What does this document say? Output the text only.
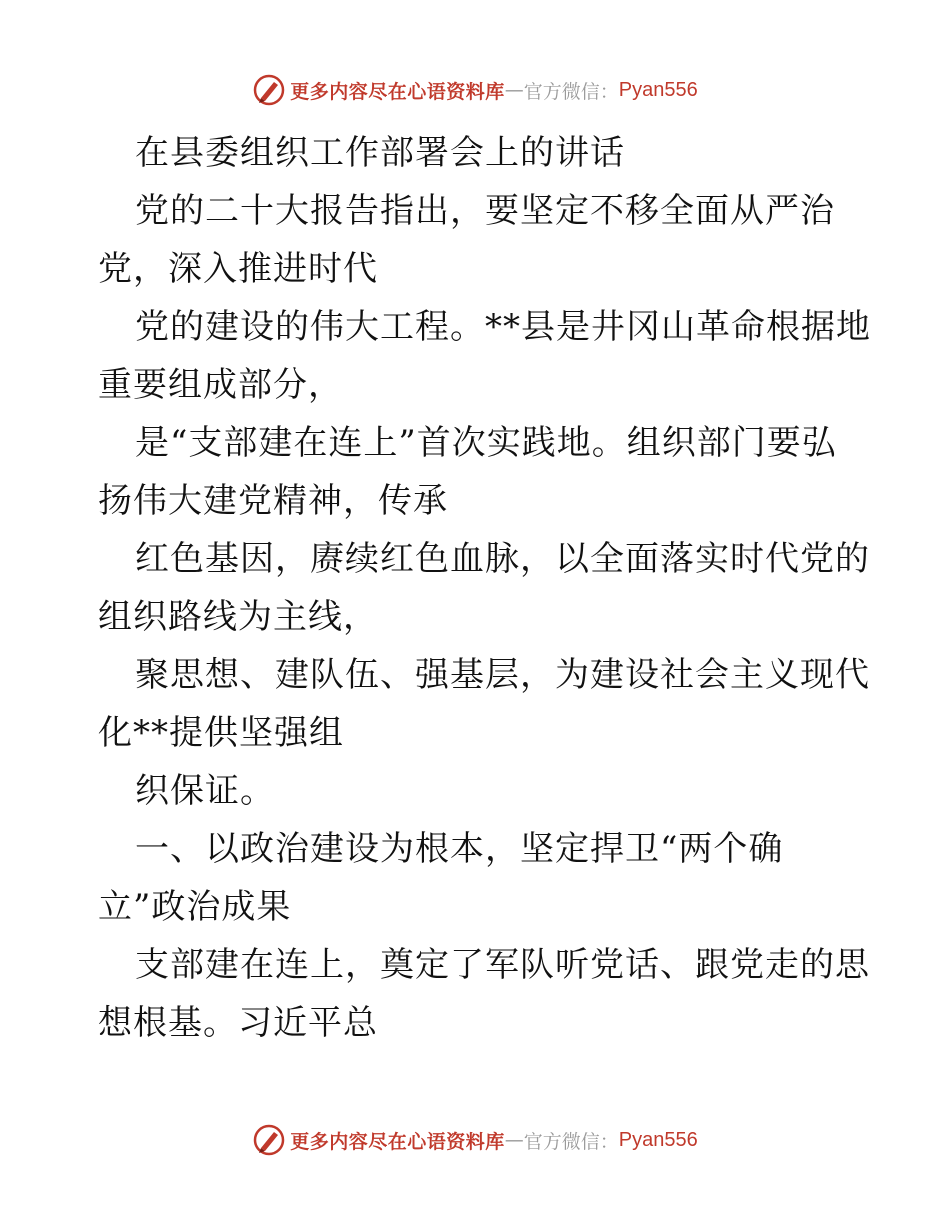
更多内容尽在心语资料库 — 官方微信： Pyan556
在县委组织工作部署会上的讲话
党的二十大报告指出，要坚定不移全面从严治
党，深入推进时代
党的建设的伟大工程。**县是井冈山革命根据地
重要组成部分，
是“支部建在连上”首次实践地。组织部门要弘
扬伟大建党精神，传承
红色基因，赓续红色血脉，以全面落实时代党的
组织路线为主线，
聚思想、建队伍、强基层，为建设社会主义现代
化**提供坚强组
织保证。
一、以政治建设为根本，坚定捍卫“两个确
立”政治成果
支部建在连上，奠定了军队听党话、跟党走的思
想根基。习近平总
更多内容尽在心语资料库 — 官方微信： Pyan556
